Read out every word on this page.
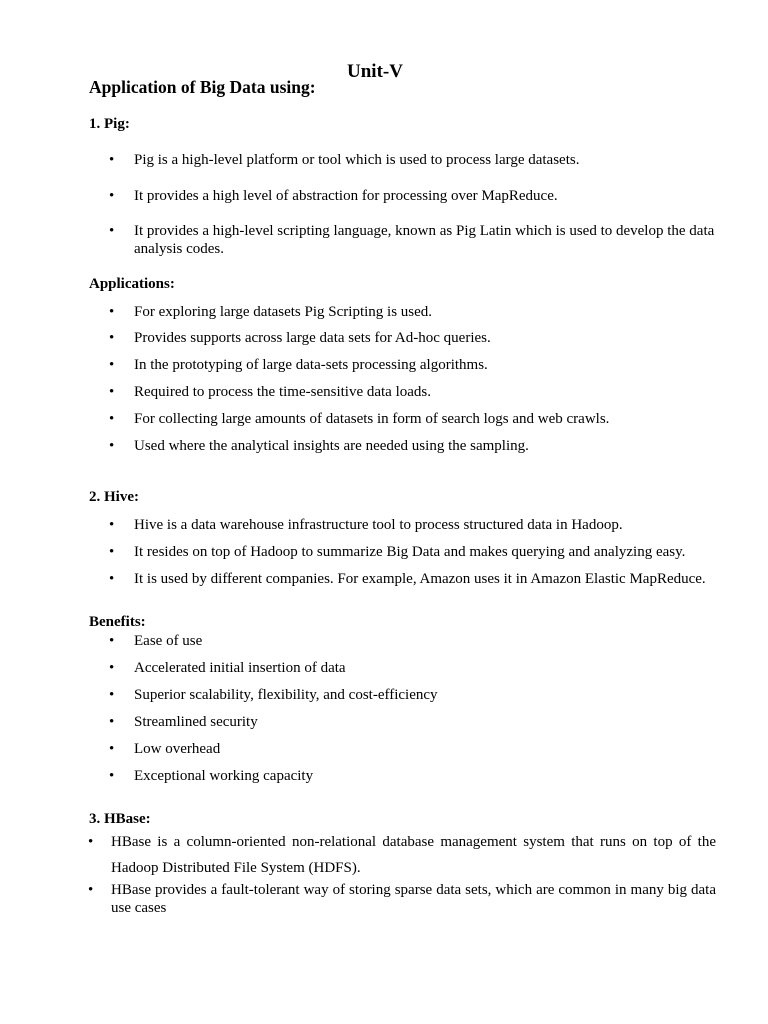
Unit-V
Application of Big Data using:
1. Pig:
• Pig is a high-level platform or tool which is used to process large datasets.
• It provides a high level of abstraction for processing over MapReduce.
• It provides a high-level scripting language, known as Pig Latin which is used to develop the data analysis codes.
Applications:
• For exploring large datasets Pig Scripting is used.
• Provides supports across large data sets for Ad-hoc queries.
• In the prototyping of large data-sets processing algorithms.
• Required to process the time-sensitive data loads.
• For collecting large amounts of datasets in form of search logs and web crawls.
• Used where the analytical insights are needed using the sampling.
2. Hive:
• Hive is a data warehouse infrastructure tool to process structured data in Hadoop.
• It resides on top of Hadoop to summarize Big Data and makes querying and analyzing easy.
• It is used by different companies. For example, Amazon uses it in Amazon Elastic MapReduce.
Benefits:
• Ease of use
• Accelerated initial insertion of data
• Superior scalability, flexibility, and cost-efficiency
• Streamlined security
• Low overhead
• Exceptional working capacity
3. HBase:
• HBase is a column-oriented non-relational database management system that runs on top of the Hadoop Distributed File System (HDFS).
• HBase provides a fault-tolerant way of storing sparse data sets, which are common in many big data use cases
